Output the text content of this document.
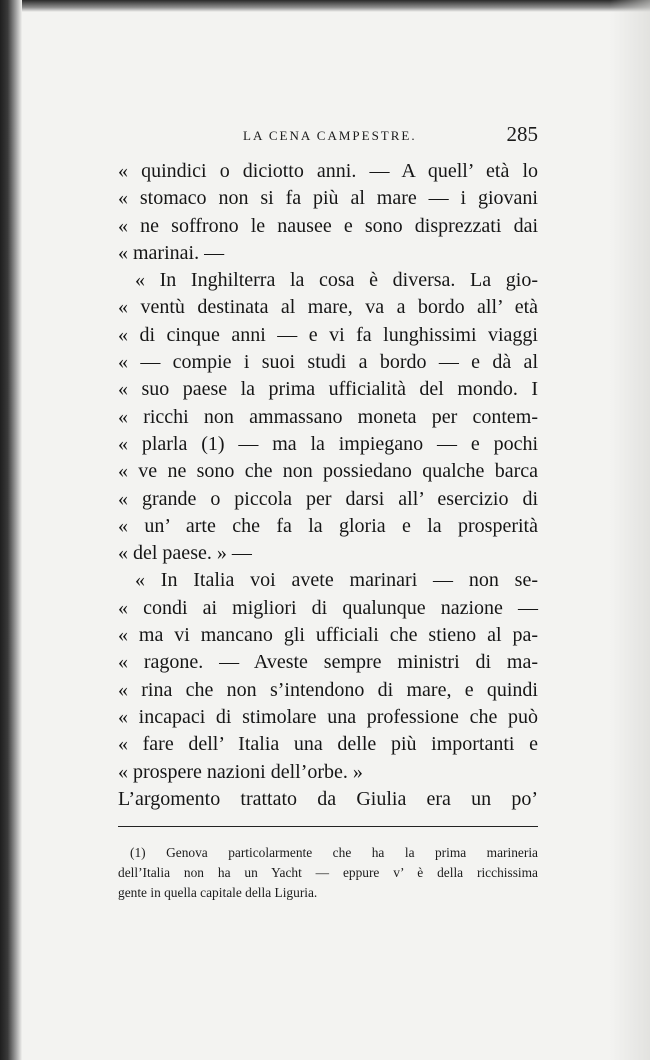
LA CENA CAMPESTRE.	285
« quindici o diciotto anni. — A quell’ età lo
« stomaco non si fa più al mare — i giovani
« ne soffrono le nausee e sono disprezzati dai
« marinai. —
« In Inghilterra la cosa è diversa. La gio-
« ventù destinata al mare, va a bordo all’ età
« di cinque anni — e vi fa lunghissimi viaggi
« — compie i suoi studi a bordo — e dà al
« suo paese la prima ufficialità del mondo. I
« ricchi non ammassano moneta per contem-
« plarla (1) — ma la impiegano — e pochi
« ve ne sono che non possiedano qualche barca
« grande o piccola per darsi all’ esercizio di
« un’ arte che fa la gloria e la prosperità
« del paese. » —
« In Italia voi avete marinari — non se-
« condi ai migliori di qualunque nazione —
« ma vi mancano gli ufficiali che stieno al pa-
« ragone. — Aveste sempre ministri di ma-
« rina che non s’intendono di mare, e quindi
« incapaci di stimolare una professione che può
« fare dell’ Italia una delle più importanti e
« prospere nazioni dell’orbe. »
L’argomento trattato da Giulia era un po’
(1) Genova particolarmente che ha la prima marineria
dell’Italia non ha un Yacht — eppure v’ è della ricchissima
gente in quella capitale della Liguria.
